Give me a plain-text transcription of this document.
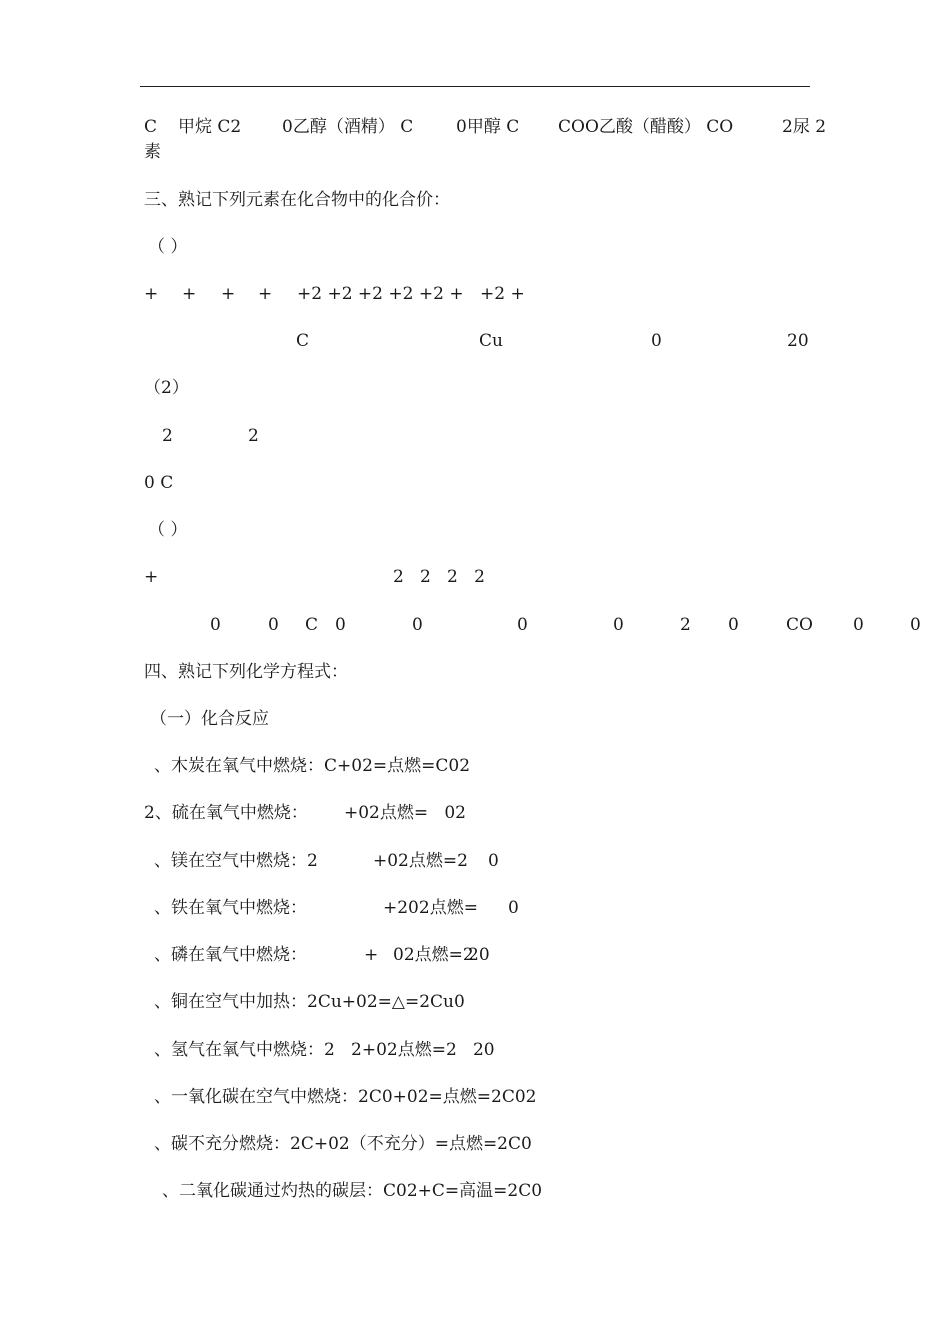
C 甲烷 C2 0乙醇（酒精） C	0甲醇 C COO乙酸（醋酸） CO	2尿 2
素
三、熟记下列元素在化合物中的化合价：
（ ）
+ + + + +2 +2 +2 +2 +2 + +2 +
C	Cu	0	20
（2）
2	2
0 C
（ ）
+	2   2   2   2
0	0 C 0	0	0	0	2 0	CO 0	0
四、熟记下列化学方程式：
（一）化合反应
、木炭在氧气中燃烧：C+02=点燃=C02
2、硫在氧气中燃烧： +02点燃=   02
、镁在空气中燃烧：2	+02点燃=2 0
、铁在氧气中燃烧：	+202点燃= 0
、磷在氧气中燃烧：	+ 02点燃=2
20
、铜在空气中加热：2Cu+02=△=2Cu0
、氢气在氧气中燃烧：2   2+02点燃=2   20
、一氧化碳在空气中燃烧：2C0+02=点燃=2C02
、碳不充分燃烧：2C+02（不充分）=点燃=2C0
、二氧化碳通过灼热的碳层：C02+C=高温=2C0
